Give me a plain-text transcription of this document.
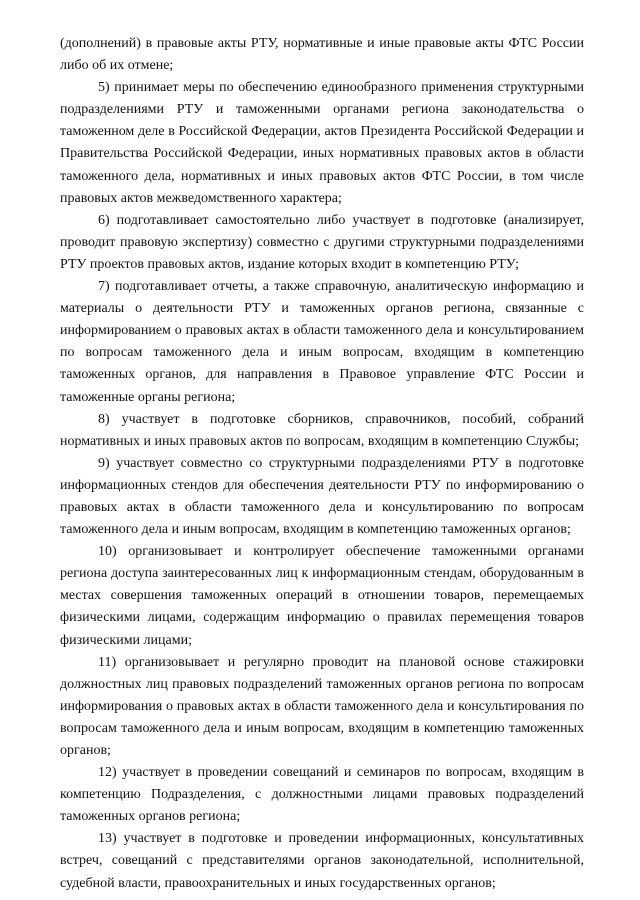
(дополнений) в правовые акты РТУ, нормативные и иные правовые акты ФТС России либо об их отмене;

5) принимает меры по обеспечению единообразного применения структурными подразделениями РТУ и таможенными органами региона законодательства о таможенном деле в Российской Федерации, актов Президента Российской Федерации и Правительства Российской Федерации, иных нормативных правовых актов в области таможенного дела, нормативных и иных правовых актов ФТС России, в том числе правовых актов межведомственного характера;

6) подготавливает самостоятельно либо участвует в подготовке (анализирует, проводит правовую экспертизу) совместно с другими структурными подразделениями РТУ проектов правовых актов, издание которых входит в компетенцию РТУ;

7) подготавливает отчеты, а также справочную, аналитическую информацию и материалы о деятельности РТУ и таможенных органов региона, связанные с информированием о правовых актах в области таможенного дела и консультированием по вопросам таможенного дела и иным вопросам, входящим в компетенцию таможенных органов, для направления в Правовое управление ФТС России и таможенные органы региона;

8) участвует в подготовке сборников, справочников, пособий, собраний нормативных и иных правовых актов по вопросам, входящим в компетенцию Службы;

9) участвует совместно со структурными подразделениями РТУ в подготовке информационных стендов для обеспечения деятельности РТУ по информированию о правовых актах в области таможенного дела и консультированию по вопросам таможенного дела и иным вопросам, входящим в компетенцию таможенных органов;

10) организовывает и контролирует обеспечение таможенными органами региона доступа заинтересованных лиц к информационным стендам, оборудованным в местах совершения таможенных операций в отношении товаров, перемещаемых физическими лицами, содержащим информацию о правилах перемещения товаров физическими лицами;

11) организовывает и регулярно проводит на плановой основе стажировки должностных лиц правовых подразделений таможенных органов региона по вопросам информирования о правовых актах в области таможенного дела и консультирования по вопросам таможенного дела и иным вопросам, входящим в компетенцию таможенных органов;

12) участвует в проведении совещаний и семинаров по вопросам, входящим в компетенцию Подразделения, с должностными лицами правовых подразделений таможенных органов региона;

13) участвует в подготовке и проведении информационных, консультативных встреч, совещаний с представителями органов законодательной, исполнительной, судебной власти, правоохранительных и иных государственных органов;
